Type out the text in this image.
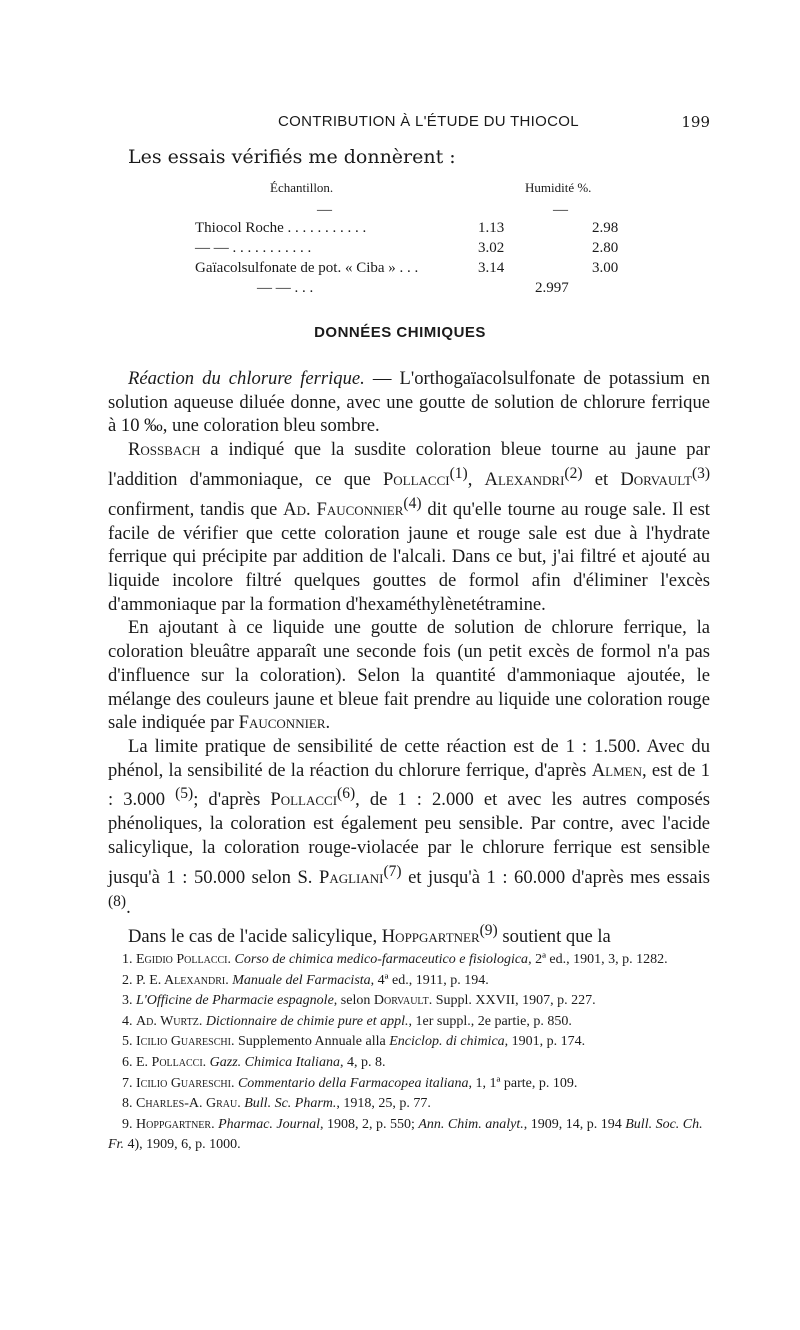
CONTRIBUTION À L'ÉTUDE DU THIOCOL	199

Les essais vérifiés me donnèrent :

Échantillon.	Humidité %.
—	—
Thiocol Roche . . . . . . . . . . .	1.13	2.98
— — . . . . . . . . . . .	3.02	2.80
Gaïacolsulfonate de pot. « Ciba » . . .	3.14	3.00
— — . . .	2.997
DONNÉES CHIMIQUES

Réaction du chlorure ferrique. — L'orthogaïacolsulfonate de potassium en solution aqueuse diluée donne, avec une goutte de solution de chlorure ferrique à 10 ‰, une coloration bleu sombre.

Rossbach a indiqué que la susdite coloration bleue tourne au jaune par l'addition d'ammoniaque, ce que Pollacci$^{(1)}$, Alexandri$^{(2)}$ et Dorvault$^{(3)}$ confirment, tandis que Ad. Fauconnier$^{(4)}$ dit qu'elle tourne au rouge sale. Il est facile de vérifier que cette coloration jaune et rouge sale est due à l'hydrate ferrique qui précipite par addition de l'alcali. Dans ce but, j'ai filtré et ajouté au liquide incolore filtré quelques gouttes de formol afin d'éliminer l'excès d'ammoniaque par la formation d'hexaméthylènetétramine.

En ajoutant à ce liquide une goutte de solution de chlorure ferrique, la coloration bleuâtre apparaît une seconde fois (un petit excès de formol n'a pas d'influence sur la coloration). Selon la quantité d'ammoniaque ajoutée, le mélange des couleurs jaune et bleue fait prendre au liquide une coloration rouge sale indiquée par Fauconnier.

La limite pratique de sensibilité de cette réaction est de 1 : 1.500. Avec du phénol, la sensibilité de la réaction du chlorure ferrique, d'après Almen, est de 1 : 3.000 $^{(5)}$; d'après Pollacci$^{(6)}$, de 1 : 2.000 et avec les autres composés phénoliques, la coloration est également peu sensible. Par contre, avec l'acide salicylique, la coloration rouge-violacée par le chlorure ferrique est sensible jusqu'à 1 : 50.000 selon S. Pagliani$^{(7)}$ et jusqu'à 1 : 60.000 d'après mes essais $^{(8)}$.

Dans le cas de l'acide salicylique, Hoppgartner$^{(9)}$ soutient que la

1. Egidio Pollacci. Corso de chimica medico-farmaceutico e fisiologica, 2ª ed., 1901, 3, p. 1282.

2. P. E. Alexandri. Manuale del Farmacista, 4ª ed., 1911, p. 194.

3. L'Officine de Pharmacie espagnole, selon Dorvault. Suppl. XXVII, 1907, p. 227.

4. Ad. Wurtz. Dictionnaire de chimie pure et appl., 1er suppl., 2e partie, p. 850.

5. Icilio Guareschi. Supplemento Annuale alla Enciclop. di chimica, 1901, p. 174.

6. E. Pollacci. Gazz. Chimica Italiana, 4, p. 8.

7. Icilio Guareschi. Commentario della Farmacopea italiana, 1, 1ª parte, p. 109.

8. Charles-A. Grau. Bull. Sc. Pharm., 1918, 25, p. 77.

9. Hoppgartner. Pharmac. Journal, 1908, 2, p. 550; Ann. Chim. analyt., 1909, 14, p. 194 Bull. Soc. Ch. Fr. 4), 1909, 6, p. 1000.
